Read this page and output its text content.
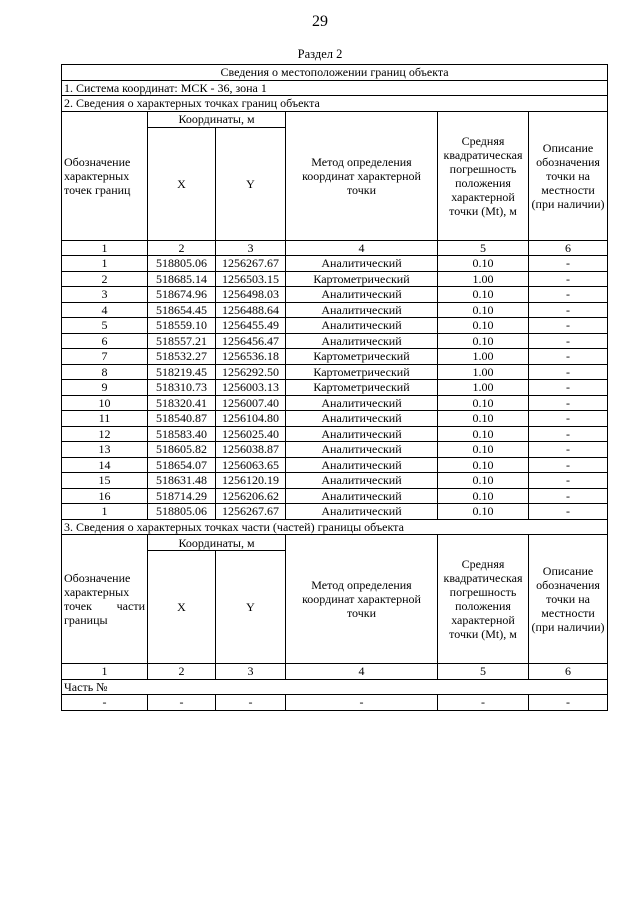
29
Раздел 2
Сведения о местоположении границ объекта					
1. Система координат: МСК - 36, зона 1					
2. Сведения о характерных точках границ объекта					

Обозначение
характерных
точек границ	Координаты, м		Метод определения координат характерной точки	Средняя квадратическая погрешность положения характерной точки (Mt), м	Описание обозначения точки на местности (при наличии)
	X	Y			
1	2	3	4	5	6
1	518805.06	1256267.67	Аналитический	0.10	-
2	518685.14	1256503.15	Картометрический	1.00	-
3	518674.96	1256498.03	Аналитический	0.10	-
4	518654.45	1256488.64	Аналитический	0.10	-
5	518559.10	1256455.49	Аналитический	0.10	-
6	518557.21	1256456.47	Аналитический	0.10	-
7	518532.27	1256536.18	Картометрический	1.00	-
8	518219.45	1256292.50	Картометрический	1.00	-
9	518310.73	1256003.13	Картометрический	1.00	-
10	518320.41	1256007.40	Аналитический	0.10	-
11	518540.87	1256104.80	Аналитический	0.10	-
12	518583.40	1256025.40	Аналитический	0.10	-
13	518605.82	1256038.87	Аналитический	0.10	-
14	518654.07	1256063.65	Аналитический	0.10	-
15	518631.48	1256120.19	Аналитический	0.10	-
16	518714.29	1256206.62	Аналитический	0.10	-
1	518805.06	1256267.67	Аналитический	0.10	-
3. Сведения о характерных точках части (частей) границы объекта					

Обозначение
характерных
точек части
границы	Координаты, м		Метод определения координат характерной точки	Средняя квадратическая погрешность положения характерной точки (Mt), м	Описание обозначения точки на местности (при наличии)
	X	Y			
1	2	3	4	5	6
Часть №					
-	-	-	-	-	-
